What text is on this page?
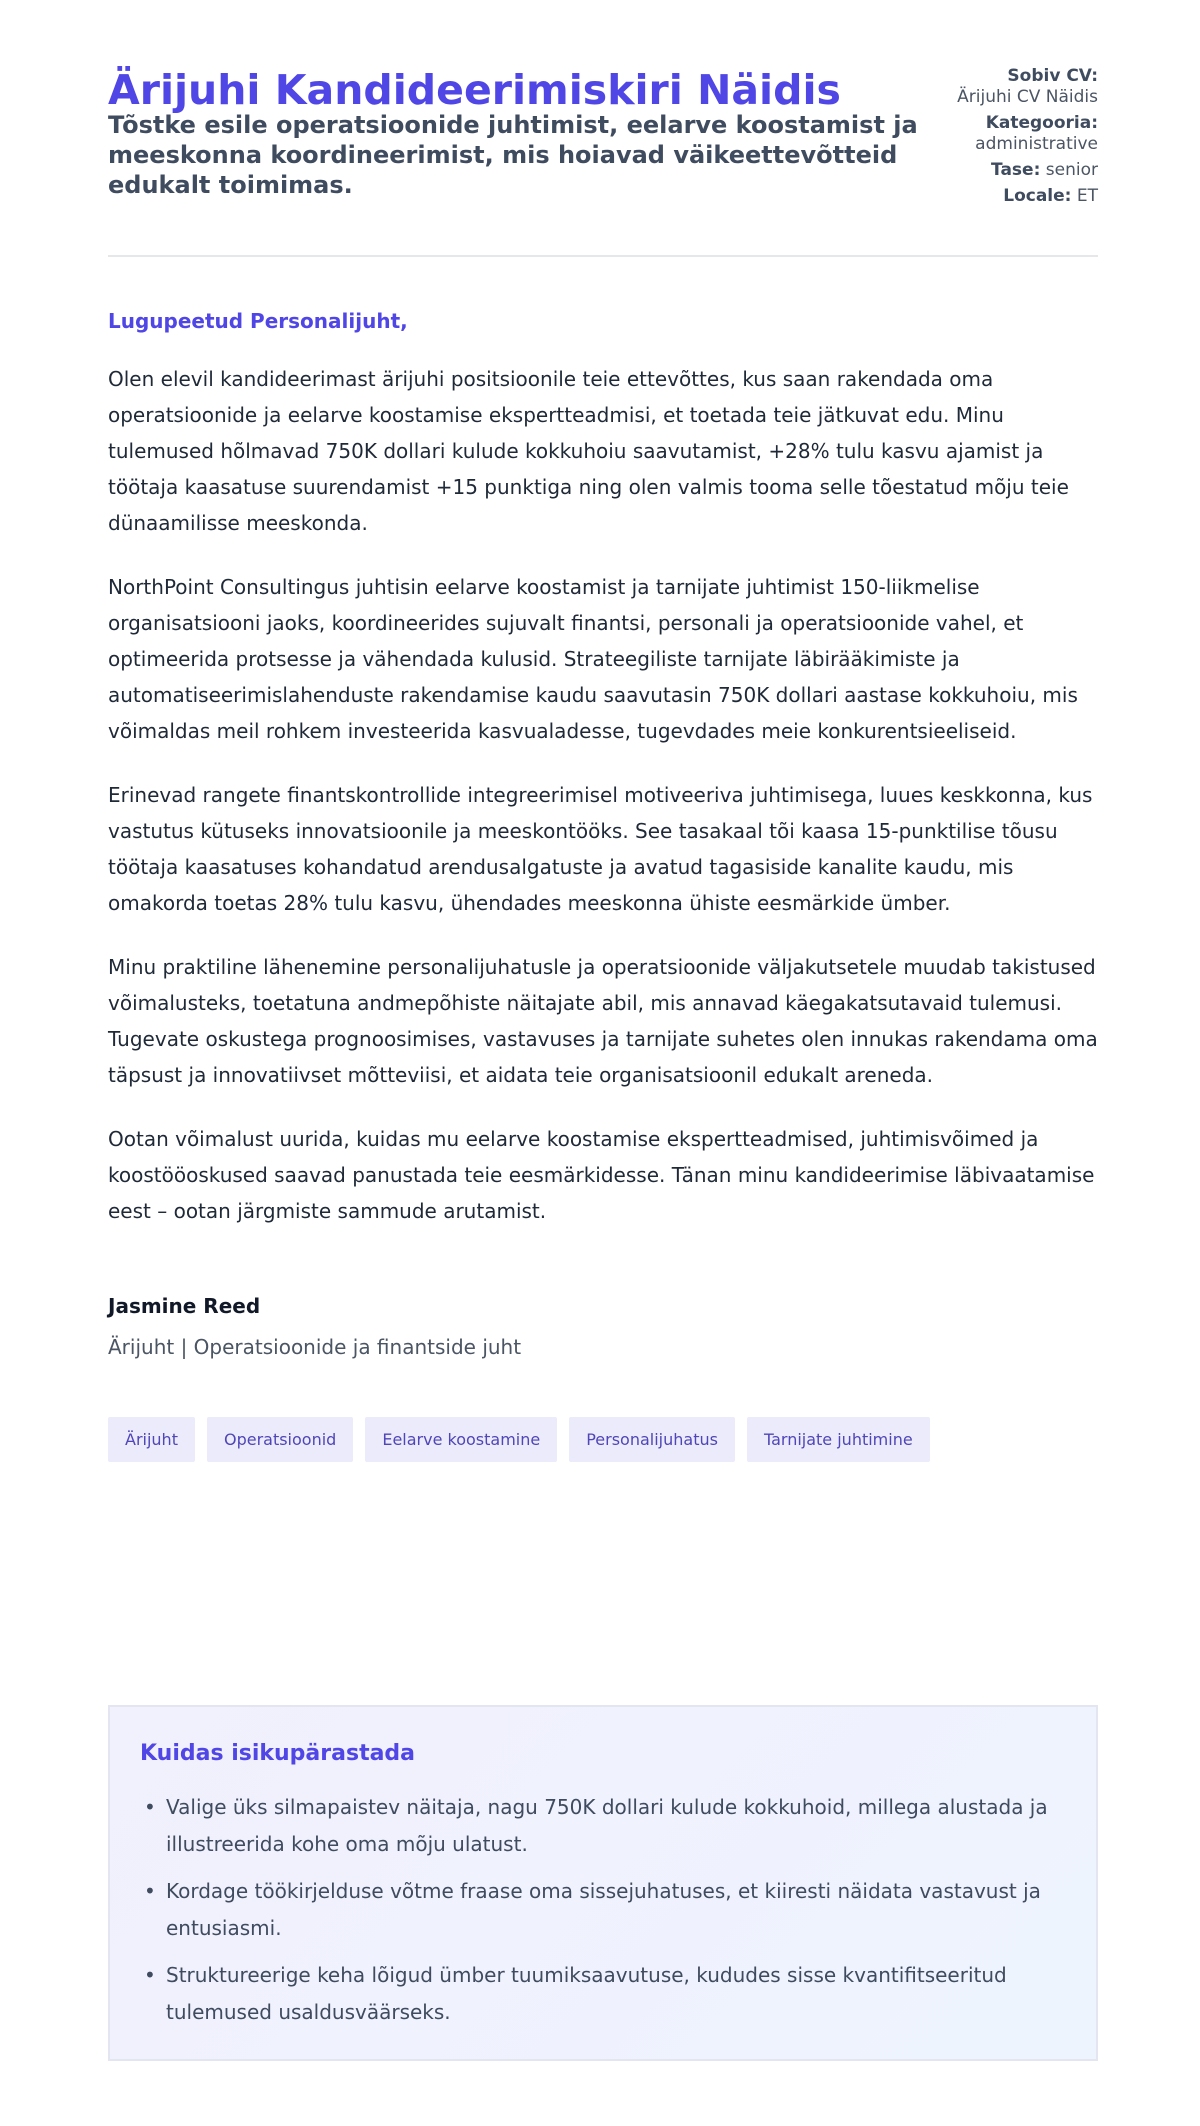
Ärijuhi Kandideerimiskiri Näidis
Tõstke esile operatsioonide juhtimist, eelarve koostamist ja meeskonna koordineerimist, mis hoiavad väikeettevõtteid edukalt toimimas.
Sobiv CV:
Ärijuhi CV Näidis
Kategooria:
administrative
Tase: senior
Locale: ET

Lugupeetud Personalijuht,

Olen elevil kandideerimast ärijuhi positsioonile teie ettevõttes, kus saan rakendada oma operatsioonide ja eelarve koostamise ekspertteadmisi, et toetada teie jätkuvat edu. Minu tulemused hõlmavad 750K dollari kulude kokkuhoiu saavutamist, +28% tulu kasvu ajamist ja töötaja kaasatuse suurendamist +15 punktiga ning olen valmis tooma selle tõestatud mõju teie dünaamilisse meeskonda.

NorthPoint Consultingus juhtisin eelarve koostamist ja tarnijate juhtimist 150-liikmelise organisatsiooni jaoks, koordineerides sujuvalt finantsi, personali ja operatsioonide vahel, et optimeerida protsesse ja vähendada kulusid. Strateegiliste tarnijate läbirääkimiste ja automatiseerimislahenduste rakendamise kaudu saavutasin 750K dollari aastase kokkuhoiu, mis võimaldas meil rohkem investeerida kasvualadesse, tugevdades meie konkurentsieeliseid.

Erinevad rangete finantskontrollide integreerimisel motiveeriva juhtimisega, luues keskkonna, kus vastutus kütuseks innovatsioonile ja meeskontööks. See tasakaal tõi kaasa 15-punktilise tõusu töötaja kaasatuses kohandatud arendusalgatuste ja avatud tagasiside kanalite kaudu, mis omakorda toetas 28% tulu kasvu, ühendades meeskonna ühiste eesmärkide ümber.

Minu praktiline lähenemine personalijuhatusle ja operatsioonide väljakutsetele muudab takistused võimalusteks, toetatuna andmepõhiste näitajate abil, mis annavad käegakatsutavaid tulemusi. Tugevate oskustega prognoosimises, vastavuses ja tarnijate suhetes olen innukas rakendama oma täpsust ja innovatiivset mõtteviisi, et aidata teie organisatsioonil edukalt areneda.

Ootan võimalust uurida, kuidas mu eelarve koostamise ekspertteadmised, juhtimisvõimed ja koostööoskused saavad panustada teie eesmärkidesse. Tänan minu kandideerimise läbivaatamise eest – ootan järgmiste sammude arutamist.

Jasmine Reed
Ärijuht | Operatsioonide ja finantside juht
Ärijuht	Operatsioonid	Eelarve koostamine	Personalijuhatus	Tarnijate juhtimine
Kuidas isikupärastada
• Valige üks silmapaistev näitaja, nagu 750K dollari kulude kokkuhoid, millega alustada ja illustreerida kohe oma mõju ulatust.
• Kordage töökirjelduse võtme fraase oma sissejuhatuses, et kiiresti näidata vastavust ja entusiasmi.
• Struktureerige keha lõigud ümber tuumiksaavutuse, kududes sisse kvantifitseeritud tulemused usaldusväärseks.
